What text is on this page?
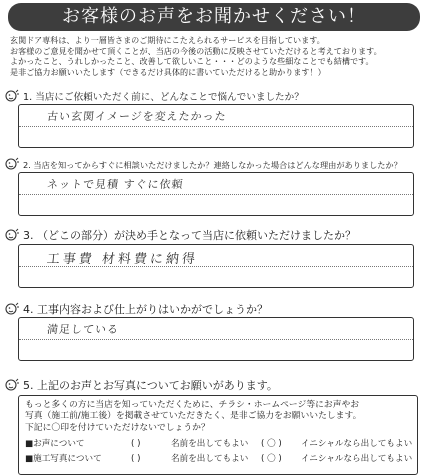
お客様のお声をお聞かせください！
玄関ドア専科は、より一層皆さまのご期待にこたえられるサービスを目指しています。
お客様のご意見を聞かせて頂くことが、当店の今後の活動に反映させていただけると考えております。
よかったこと、うれしかったこと、改善して欲しいこと・・・どのような些細なことでも結構です。
是非ご協力お願いいたします（できるだけ具体的に書いていただけると助かります！）
1. 当店にご依頼いただく前に、どんなことで悩んでいましたか？
古い玄関イメージを変えたかった
2. 当店を知ってからすぐに相談いただけましたか？連絡しなかった場合はどんな理由がありましたか？
ネットで見積 すぐに依頼
3. （どこの部分）が決め手となって当店に依頼いただけましたか？
工事費 材料費に納得
4. 工事内容および仕上がりはいかがでしょうか？
満足している
5. 上記のお声とお写真についてお願いがあります。
もっと多くの方に当店を知っていただくために、チラシ・ホームページ等にお声やお
写真（施工前/施工後）を掲載させていただきたく、是非ご協力をお願いいたします。
下記に〇印を付けていただけないでしょうか？
■お声について	( )	名前を出してもよい ( 〇 ) イニシャルなら出してもよい
■施工写真について	( )	名前を出してもよい ( 〇 ) イニシャルなら出してもよい
